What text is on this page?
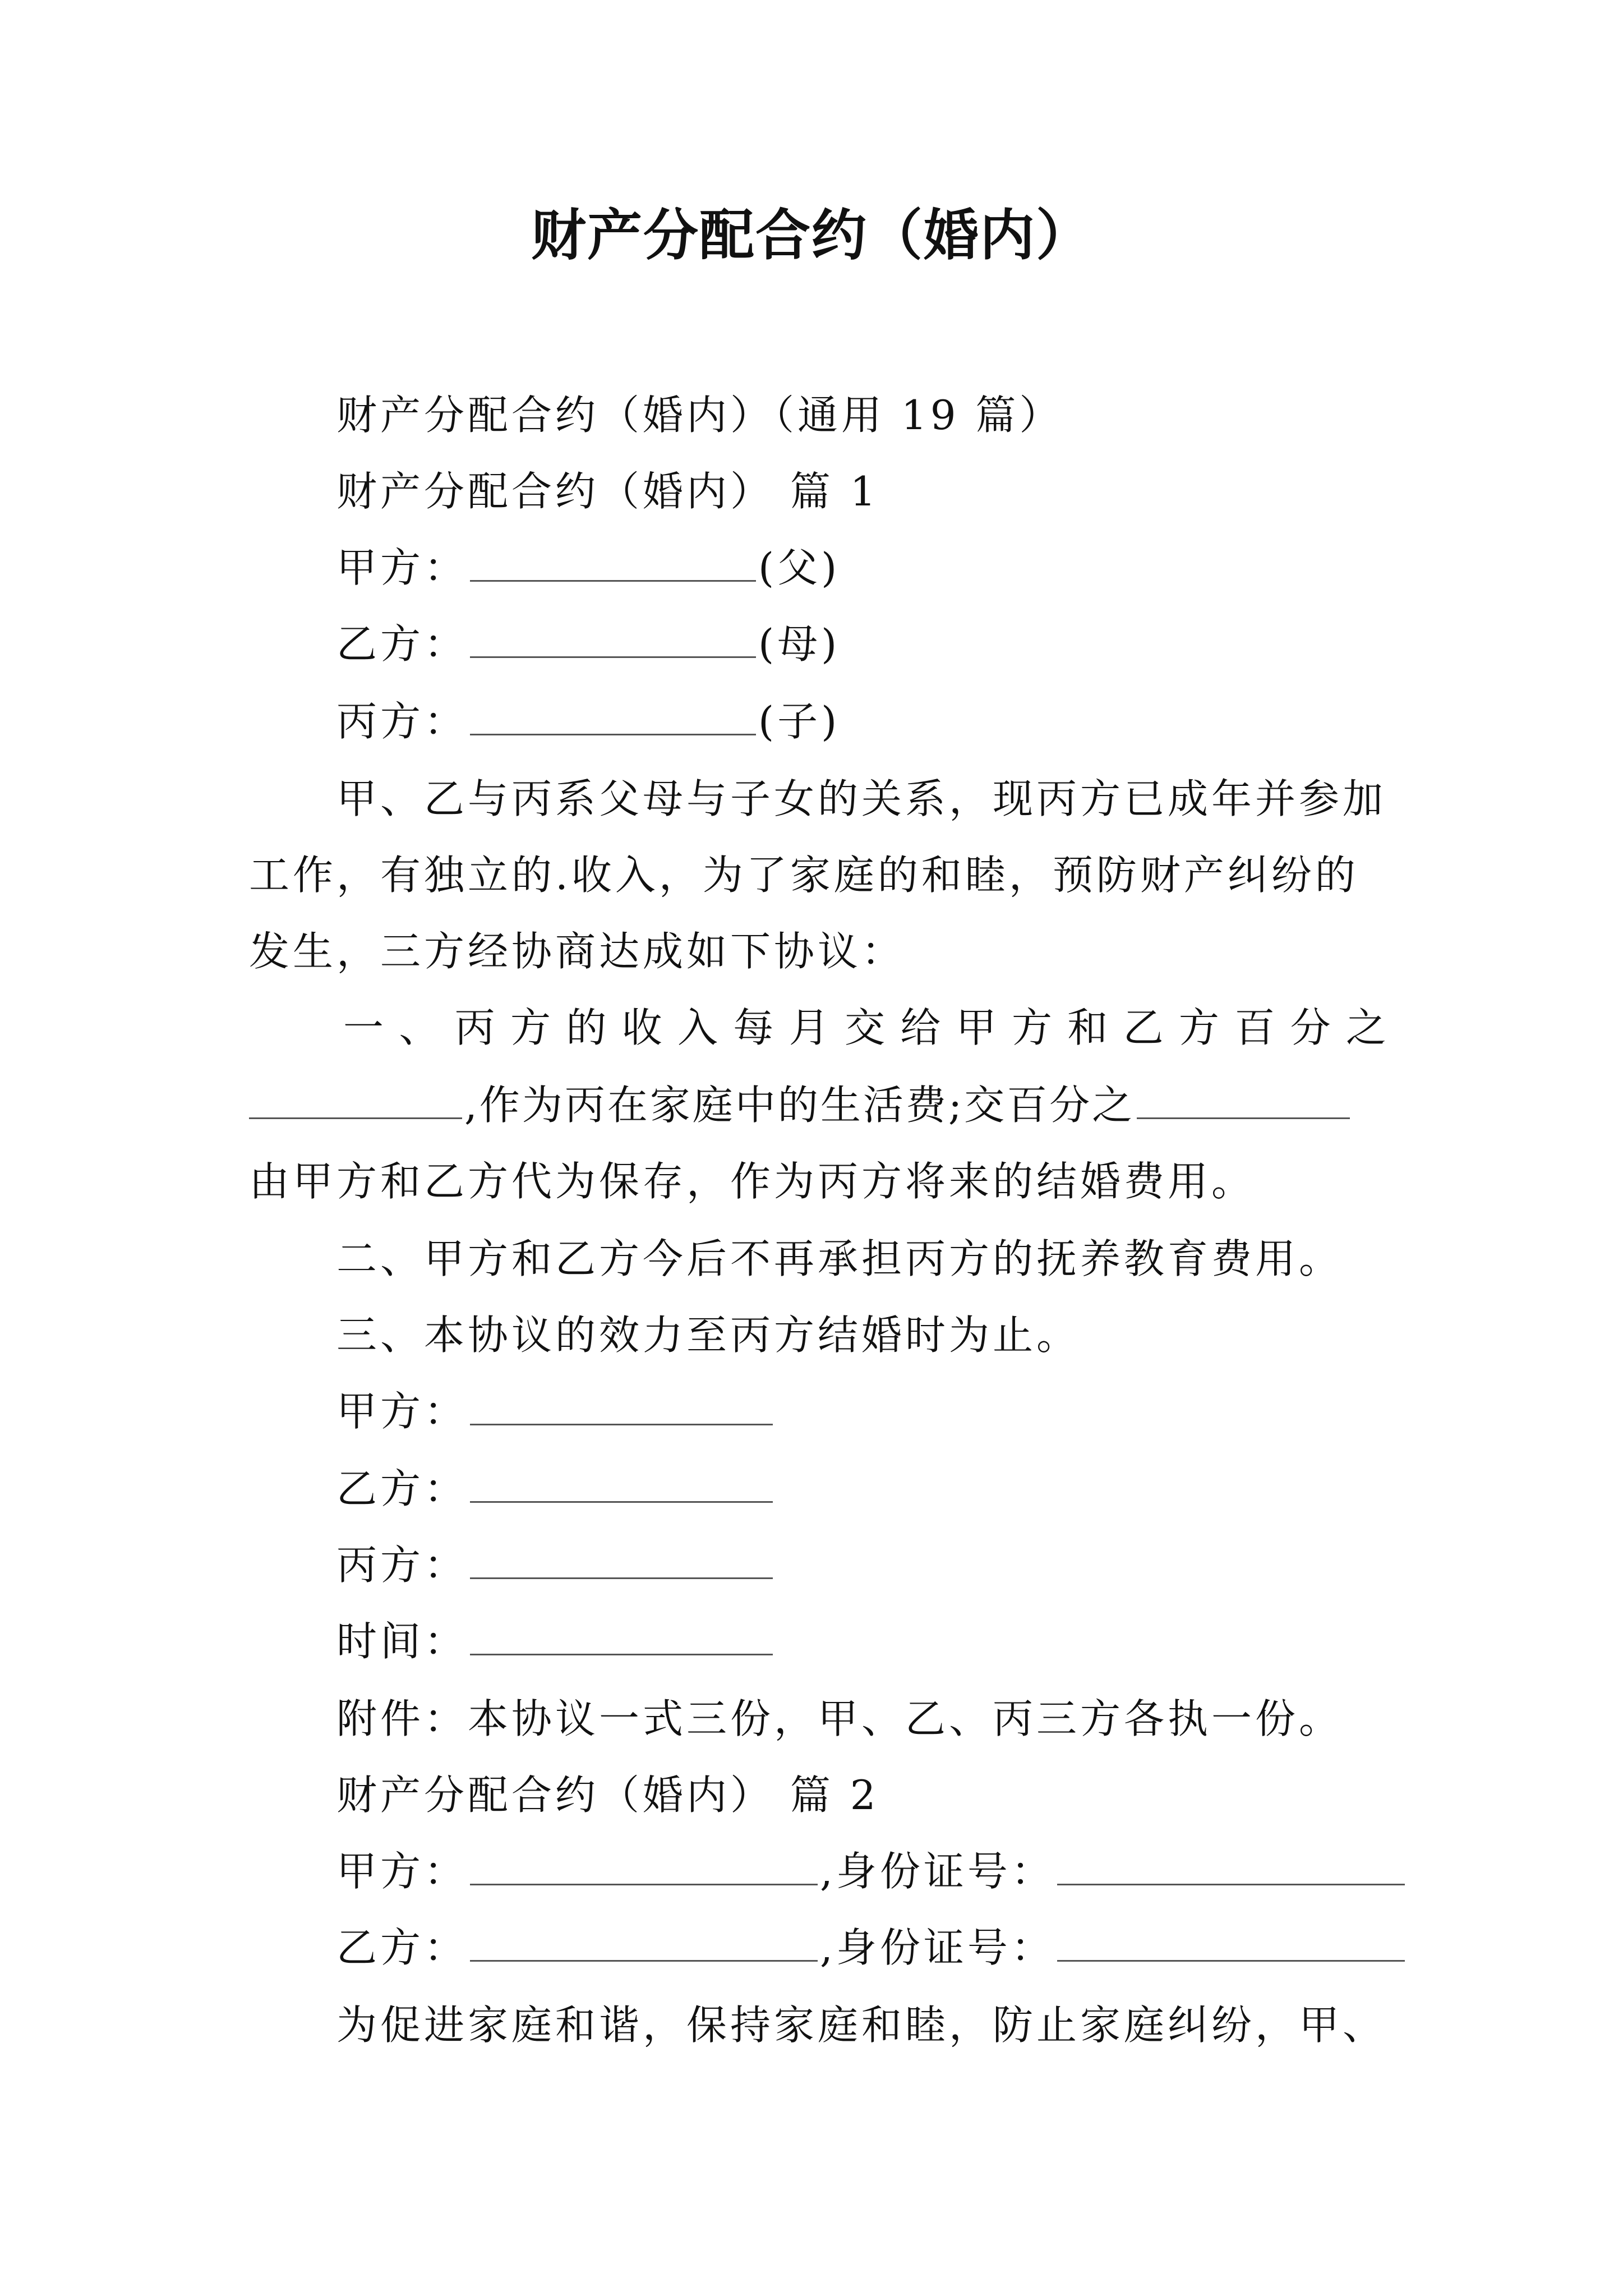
财产分配合约（婚内）
财产分配合约（婚内）（通用 19 篇）
财产分配合约（婚内） 篇 1
甲方：	(父)
乙方：	(母)
丙方：	(子)
甲、乙与丙系父母与子女的关系，现丙方已成年并参加
工作，有独立的.收入，为了家庭的和睦，预防财产纠纷的
发生，三方经协商达成如下协议：
一 、 丙 方 的 收 入 每 月 交 给 甲 方 和 乙 方 百 分 之
,作为丙在家庭中的生活费;交百分之
由甲方和乙方代为保存，作为丙方将来的结婚费用。
二、甲方和乙方今后不再承担丙方的抚养教育费用。
三、本协议的效力至丙方结婚时为止。
甲方：
乙方：
丙方：
时间：
附件：本协议一式三份，甲、乙、丙三方各执一份。
财产分配合约（婚内） 篇 2
甲方：	,身份证号：
乙方：	,身份证号：
为促进家庭和谐，保持家庭和睦，防止家庭纠纷，甲、
